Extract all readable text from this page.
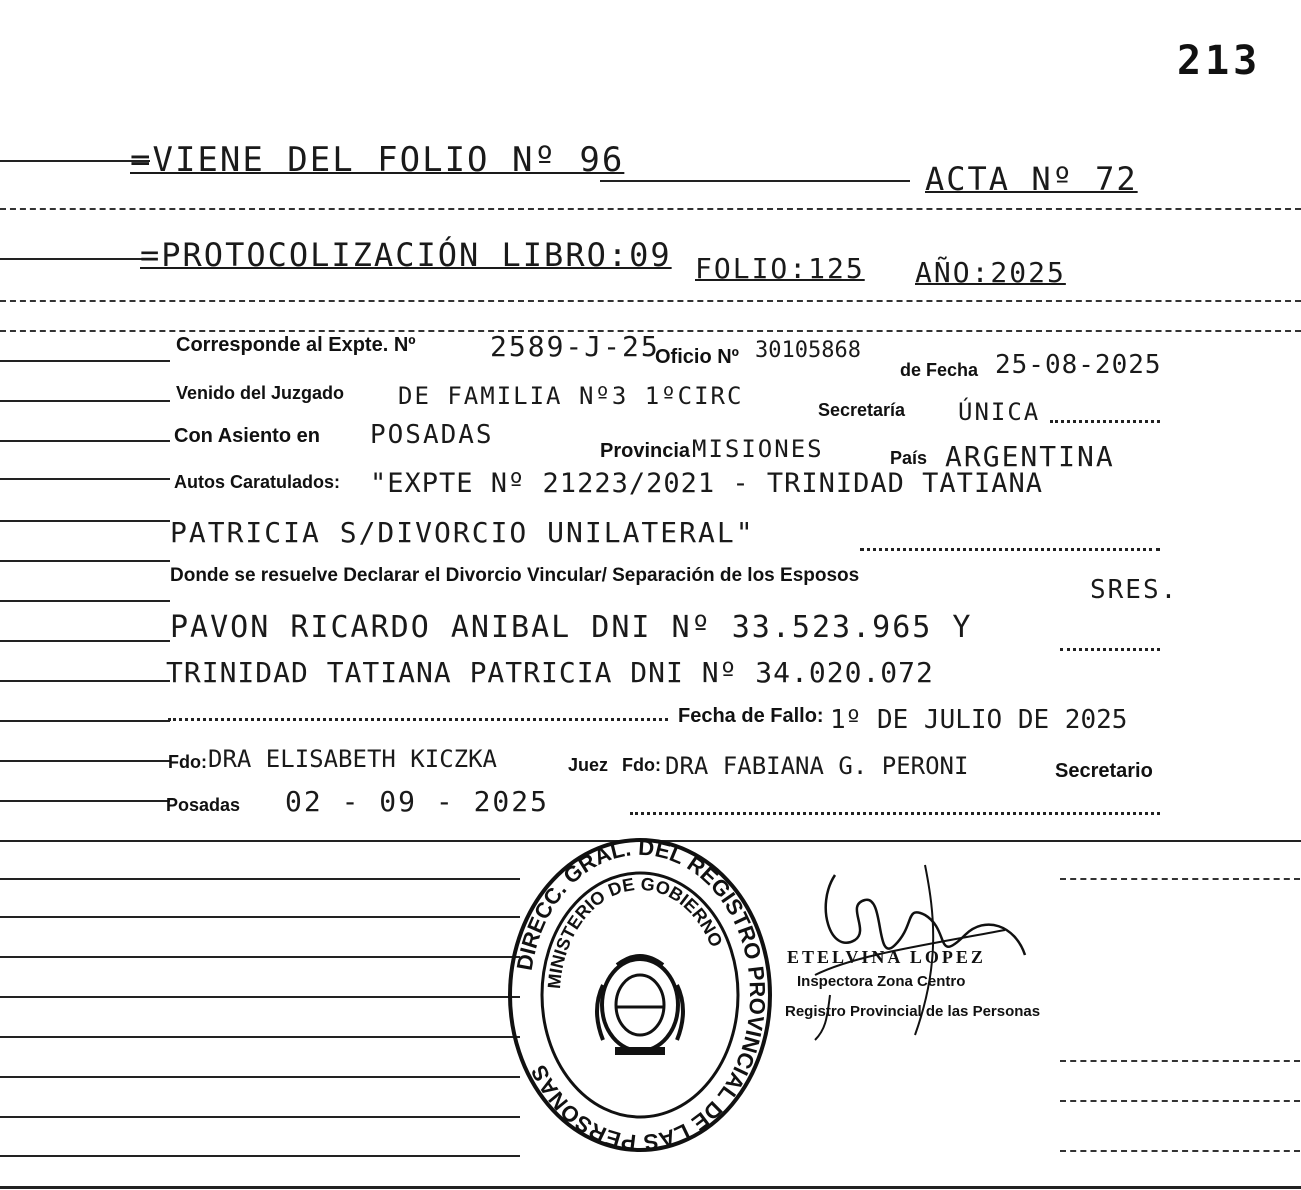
213
=VIENE DEL FOLIO Nº 96	ACTA Nº 72
=PROTOCOLIZACIÓN LIBRO:09 FOLIO:125 AÑO:2025
Corresponde al Expte. Nº	2589-J-25
Oficio Nº 30105868
de Fecha 25-08-2025
Venido del Juzgado DE FAMILIA Nº3 1ºCIRC	Secretaría ÚNICA
Con Asiento en POSADAS
Provincia MISIONES	País ARGENTINA
Autos Caratulados: "EXPTE Nº 21223/2021 - TRINIDAD TATIANA
PATRICIA S/DIVORCIO UNILATERAL"
Donde se resuelve Declarar el Divorcio Vincular/ Separación de los Esposos	SRES.
PAVON RICARDO ANIBAL DNI Nº 33.523.965 Y
TRINIDAD TATIANA PATRICIA DNI Nº 34.020.072
Fecha de Fallo: 1º DE JULIO DE 2025
Fdo: DRA ELISABETH KICZKA	Juez Fdo: DRA FABIANA G. PERONI	Secretario
Posadas 02 - 09 - 2025
DIRECC. GRAL. DEL REGISTRO PROVINCIAL DE LAS PERSONAS
MINISTERIO DE GOBIERNO
ETELVINA LOPEZ
Inspectora Zona Centro
Registro Provincial de las Personas
